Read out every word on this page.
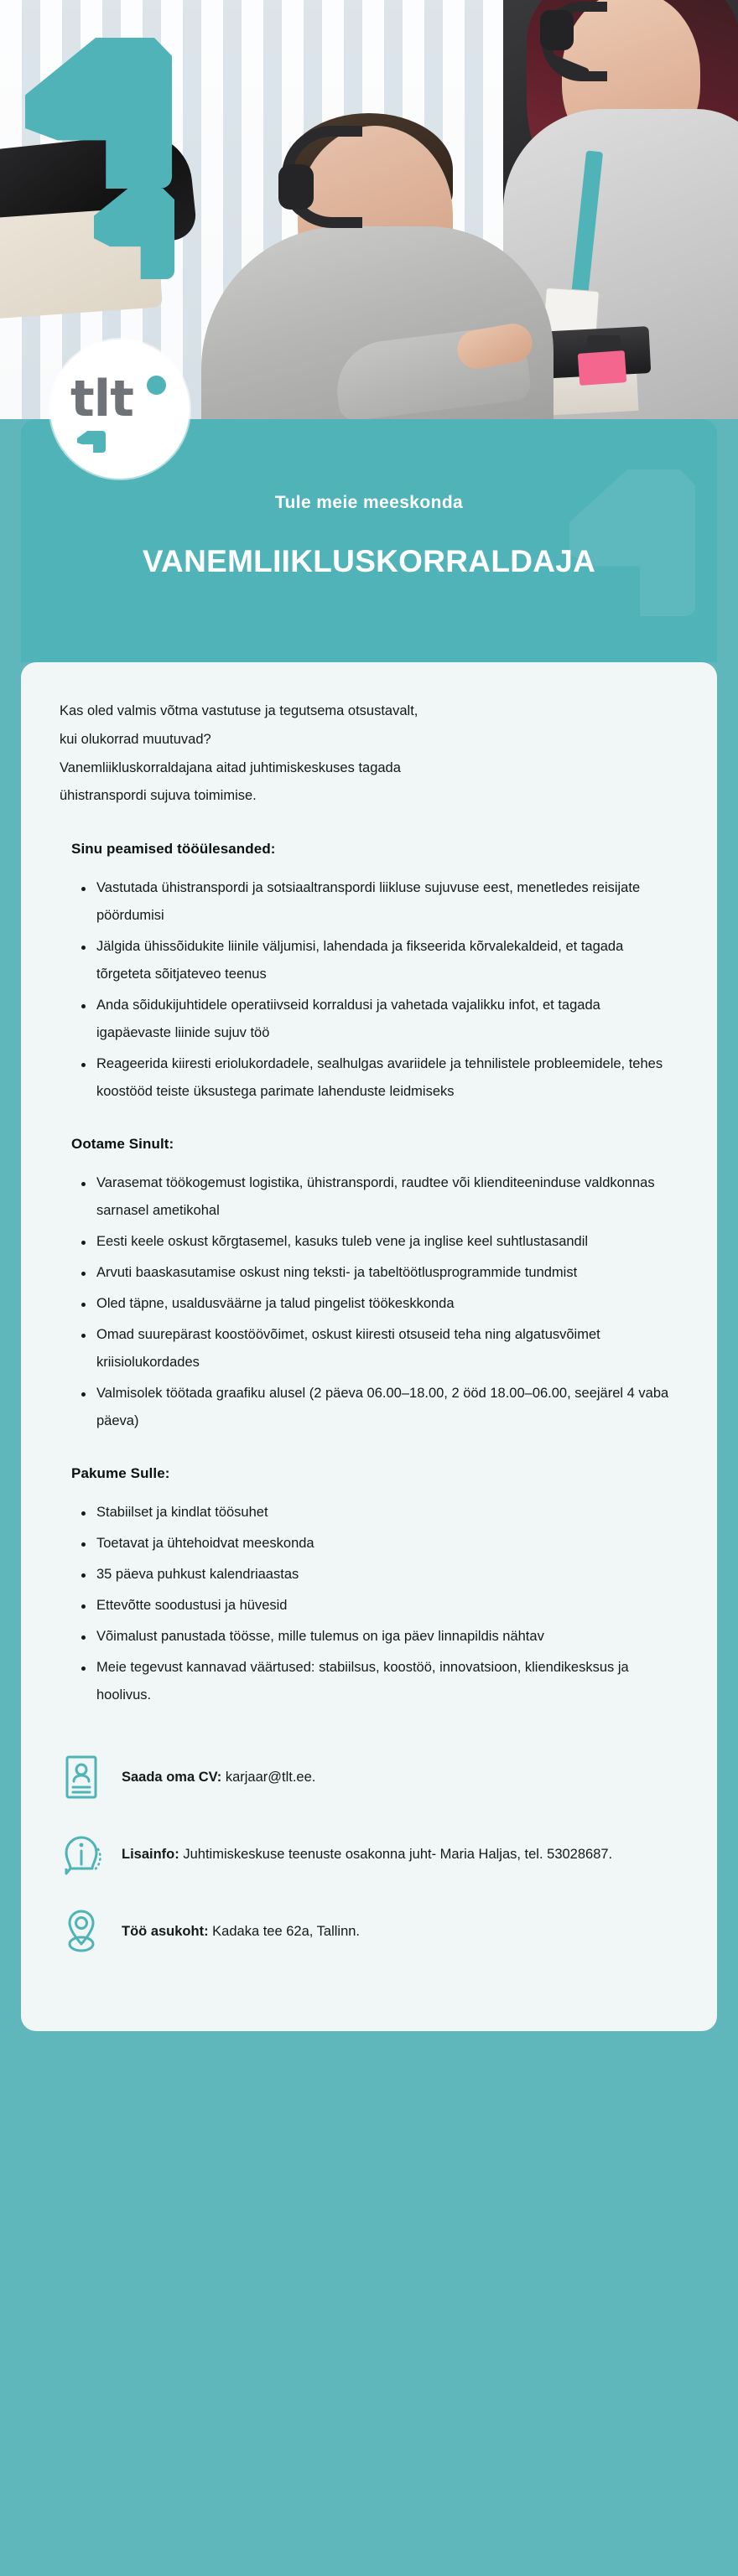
tlt
Tule meie meeskonda
VANEMLIIKLUSKORRALDAJA

Kas oled valmis võtma vastutuse ja tegutsema otsustavalt,

kui olukorrad muutuvad?

Vanemliikluskorraldajana aitad juhtimiskeskuses tagada

ühistranspordi sujuva toimimise.

Sinu peamised tööülesanded:
Vastutada ühistranspordi ja sotsiaaltranspordi liikluse sujuvuse eest, menetledes reisijate pöördumisi
Jälgida ühissõidukite liinile väljumisi, lahendada ja fikseerida kõrvalekaldeid, et tagada tõrgeteta sõitjateveo teenus
Anda sõidukijuhtidele operatiivseid korraldusi ja vahetada vajalikku infot, et tagada igapäevaste liinide sujuv töö
Reageerida kiiresti eriolukordadele, sealhulgas avariidele ja tehnilistele probleemidele, tehes koostööd teiste üksustega parimate lahenduste leidmiseks
Ootame Sinult:
Varasemat töökogemust logistika, ühistranspordi, raudtee või klienditeeninduse valdkonnas sarnasel ametikohal
Eesti keele oskust kõrgtasemel, kasuks tuleb vene ja inglise keel suhtlustasandil
Arvuti baaskasutamise oskust ning teksti- ja tabeltöötlusprogrammide tundmist
Oled täpne, usaldusväärne ja talud pingelist töökeskkonda
Omad suurepärast koostöövõimet, oskust kiiresti otsuseid teha ning algatusvõimet kriisiolukordades
Valmisolek töötada graafiku alusel (2 päeva 06.00–18.00, 2 ööd 18.00–06.00, seejärel 4 vaba päeva)
Pakume Sulle:
Stabiilset ja kindlat töösuhet
Toetavat ja ühtehoidvat meeskonda
35 päeva puhkust kalendriaastas
Ettevõtte soodustusi ja hüvesid
Võimalust panustada töösse, mille tulemus on iga päev linnapildis nähtav
Meie tegevust kannavad väärtused: stabiilsus, koostöö, innovatsioon, kliendikesksus ja hoolivus.
Saada oma CV: karjaar@tlt.ee.
Lisainfo: Juhtimiskeskuse teenuste osakonna juht- Maria Haljas, tel. 53028687.
Töö asukoht: Kadaka tee 62a, Tallinn.
